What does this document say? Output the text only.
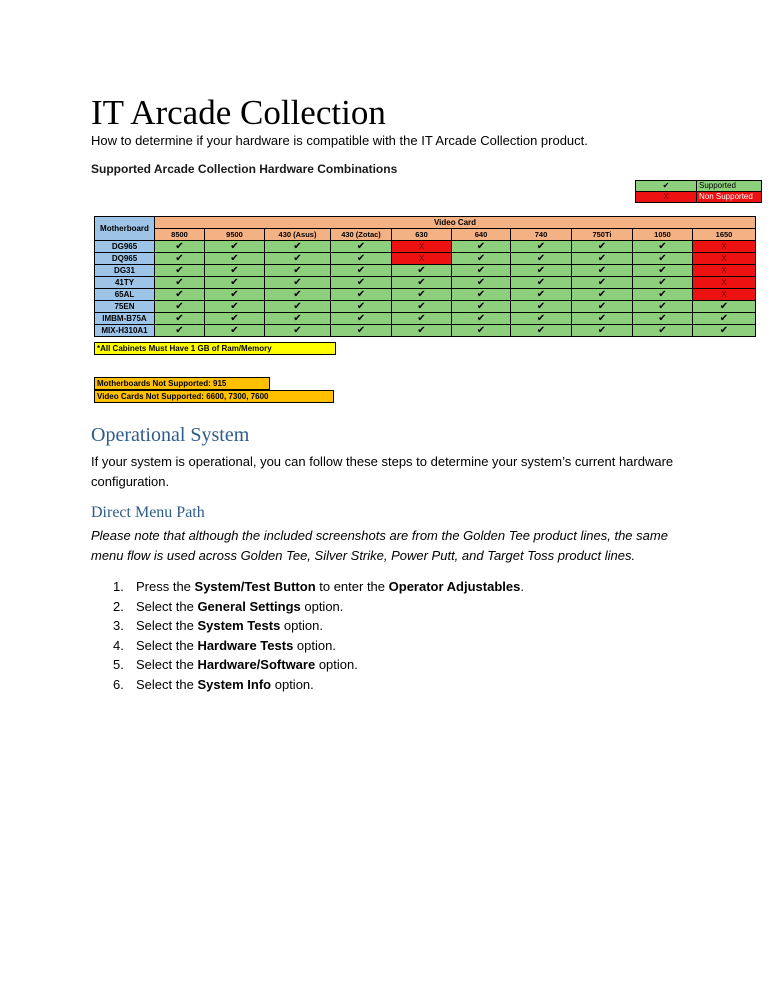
IT Arcade Collection

How to determine if your hardware is compatible with the IT Arcade Collection product.

Supported Arcade Collection Hardware Combinations

✔	Supported
X	Non Supported
Motherboard	Video Card									
	8500	9500	430 (Asus)	430 (Zotac)	630	640	740	750Ti	1050	1650
DG965	✔	✔	✔	✔	X	✔	✔	✔	✔	X
DQ965	✔	✔	✔	✔	X	✔	✔	✔	✔	X
DG31	✔	✔	✔	✔	✔	✔	✔	✔	✔	X
41TY	✔	✔	✔	✔	✔	✔	✔	✔	✔	X
65AL	✔	✔	✔	✔	✔	✔	✔	✔	✔	X
75EN	✔	✔	✔	✔	✔	✔	✔	✔	✔	✔
IMBM-B75A	✔	✔	✔	✔	✔	✔	✔	✔	✔	✔
MIX-H310A1	✔	✔	✔	✔	✔	✔	✔	✔	✔	✔
*All Cabinets Must Have 1 GB of Ram/Memory
Motherboards Not Supported: 915
Video Cards Not Supported: 6600, 7300, 7600
Operational System

If your system is operational, you can follow these steps to determine your system’s current hardware configuration.

Direct Menu Path

Please note that although the included screenshots are from the Golden Tee product lines, the same menu flow is used across Golden Tee, Silver Strike, Power Putt, and Target Toss product lines.

1. Press the System/Test Button to enter the Operator Adjustables.
2. Select the General Settings option.
3. Select the System Tests option.
4. Select the Hardware Tests option.
5. Select the Hardware/Software option.
6. Select the System Info option.
